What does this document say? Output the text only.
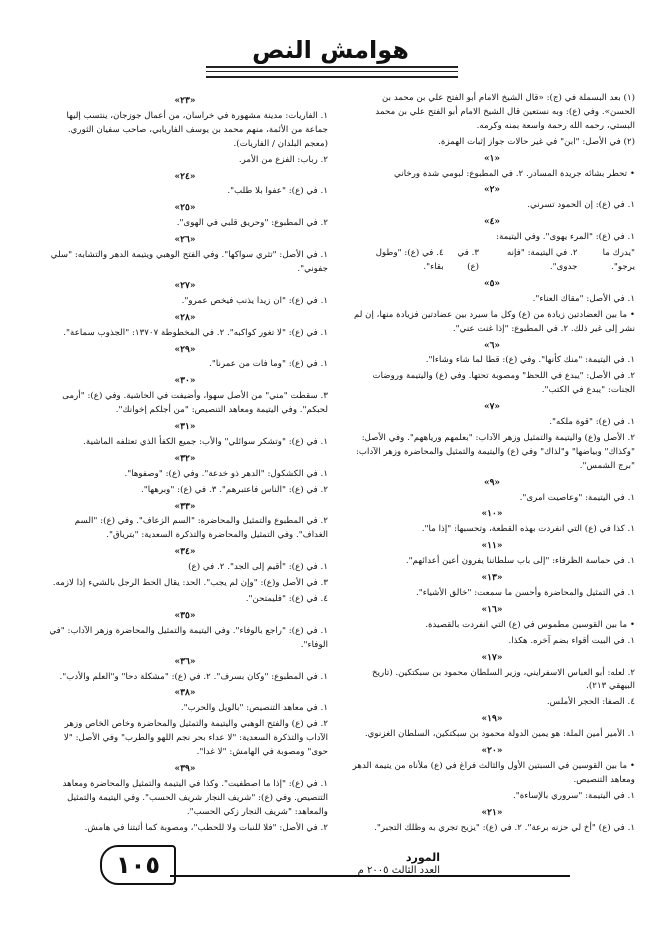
هوامش النص
(١) بعد البسملة في (ج): «قال الشيخ الامام أبو الفتح علي بن محمد بن الحسن». وفي (ع): وبه نستعين قال الشيخ الامام أبو الفتح علي بن محمد البستي، رحمه الله رحمة واسعة بمنه وكرمه.
(٢) في الأصل: "ابن" في غير حالات جواز إثبات الهمزة.
«١»
• تحطر بشائه جريدة المسادر. ٢. في المطبوع: لبومي شدة ورخاني
«٢»
١. في (ع): إن الحمود تسرني.
«٤»
١. في (ع): "المرء يهوى". وفي اليتيمة:
"يدرك ما يرجو".
٢. في اليتيمة: "فإنه جدوى".
٣. في (ع)
٤. في (ع): "وطول بقاء".
«٥»
١. في الأصل: "مقاك العناء".
• ما بين العضادتين زيادة من (ع) وكل ما سيرد بين عضادتين فزيادة منها، إن لم نشر إلى غير ذلك. ٢. في المطبوع: "إذا غنت عني".
«٦»
١. في اليتيمة: "منك كأنها". وفي (ع): قطا لما شاء وشاءا".
٢. في الأصل: "يبدع في اللحظ" ومصوبة تحتها. وفي (ع) واليتيمة وروضات الجنات: "يبدع في الكتب".
«٧»
١. في (ع): "قوة ملكه".
٢. الأصل و(ع) واليتيمة والتمثيل وزهر الآداب: "بعلمهم ورياههم". وفي الأصل: "وكذاك" وبياضها" و"لذاك" وفي (ع) واليتيمة والتمثيل والمحاضرة وزهر الآداب: "برج الشمس".
«٩»
١. في اليتيمة: "وعاصيت امرى".
«١٠»
١. كذا في (ع) التي انفردت بهذه القطعة، وتحسبها: "إذا ما".
«١١»
١. في حماسة الظرفاء: "إلى باب سلطاننا يفرون أعين أعدائهم".
«١٣»
١. في التمثيل والمحاضرة وأحسن ما سمعت: "خالق الأشياء".
«١٦»
• ما بين القوسين مطموس في (ع) التي انفردت بالقصيدة.
١. في البيت أقواء بضم آخره. هكذا.
«١٧»
٢. لعله: أبو العباس الاسفرايني، وزير السلطان محمود بن سبكتكين. (تاريخ البيهقي ٢١٣).
٤. الصفا: الحجر الأملس.
«١٩»
١. الأمير أمين الملة: هو يمين الدولة محمود بن سبكتكين، السلطان الغزنوي.
«٢٠»
• ما بين القوسين في السبتين الأول والثالث فراغ في (ع) ملأناه من يتيمة الدهر ومعاهد التنصيص.
١. في اليتيمة: "سروري بالإساءة".
«٢١»
١. في (ع) "أخ لي حزنه برعة". ٢. في (ع): "يزيح تجري به وظلك التجبر".
«٢٣»
١. الفاريات: مدينة مشهورة في خراسان، من أعمال جوزجان، ينتسب إليها جماعة من الأئمة، منهم محمد بن يوسف الفاريابي، صاحب سفيان الثوري. (معجم البلدان / الفاريات).
٢. رباب: الفزع من الأمر.
«٢٤»
١. في (ع): "عفوا بلا طلب".
«٢٥»
٢. في المطبوع: "وحريق قلبي في الهوى".
«٢٦»
١. في الأصل: "تثري سواكها". وفي الفتح الوهبي ويتيمة الدهر والتشابه: "سلي جفوني".
«٢٧»
١. في (ع): "ان زيدا يذنب فيخص عمرو".
«٢٨»
١. في (ع): "لا تغور كواكبه". ٢. في المخطوطة ١٣٧٠٧: "الجذوب سماعة".
«٢٩»
١. في (ع): "وما فات من عمرنا".
«٣٠»
٣. سقطت "مني" من الأصل سهوا، وأضيفت في الحاشية. وفي (ع): "أرمى لحبكم". وفي اليتيمة ومعاهد التنصيص: "من أجلكم إخوانك".
«٣١»
١. في (ع): "وتشكر سوائلي" والأب: جميع الكفأ الذي تعتلفه الماشية.
«٣٢»
١. في الكشكول: "الدهر ذو خدعة". وفي (ع): "وصفوها".
٢. في (ع): "الناس فاعتبرهم". ٣. في (ع): "وبرهها".
«٣٣»
٢. في المطبوع والتمثيل والمحاضرة: "السم الزعاف". وفي (ع): "السم الغداف". وفي التمثيل والمحاضرة والتذكرة السعدية: "بترياق".
«٣٤»
١. في (ع): "أقيم إلى الجد". ٢. في (ع)
٣. في الأصل و(ع): "وإن لم يجب". الحد: يقال الحط الرجل بالشيء إذا لازمه.
٤. في (ع): "فليمتحن".
«٣٥»
١. في (ع): "راجع بالوفاء". وفي اليتيمة والتمثيل والمحاضرة وزهر الآداب: "في الوفاء".
«٣٦»
١. في المطبوع: "وكان بسرف". ٢. في (ع): "مشكلة دحا" و"العلم والأدب".
«٣٨»
١. في معاهد التنصيص: "بالويل والحرب".
٢. في (ع) والفتح الوهبي واليتيمة والتمثيل والمحاضرة وخاص الخاص وزهر الآداب والتذكرة السعدية: "لا عداء بحر نجم اللهو والطرب" وفي الأصل: "لا حوى" ومصوبة في الهامش: "لا غدا".
«٣٩»
١. في (ع): "إذا ما اصطفيت". وكذا في اليتيمة والتمثيل والمحاضرة ومعاهد التنصيص. وفي (ع): "شريف النجار شريف الحسب". وفي اليتيمة والتمثيل والمعاهد: "شريف النجار زكي الحسب".
٢. في الأصل: "فلا للنبات ولا للحطب"، ومصوبة كما أثبتنا في هامش.
١٠٥	المورد
العدد الثالث ٢٠٠٥ م
